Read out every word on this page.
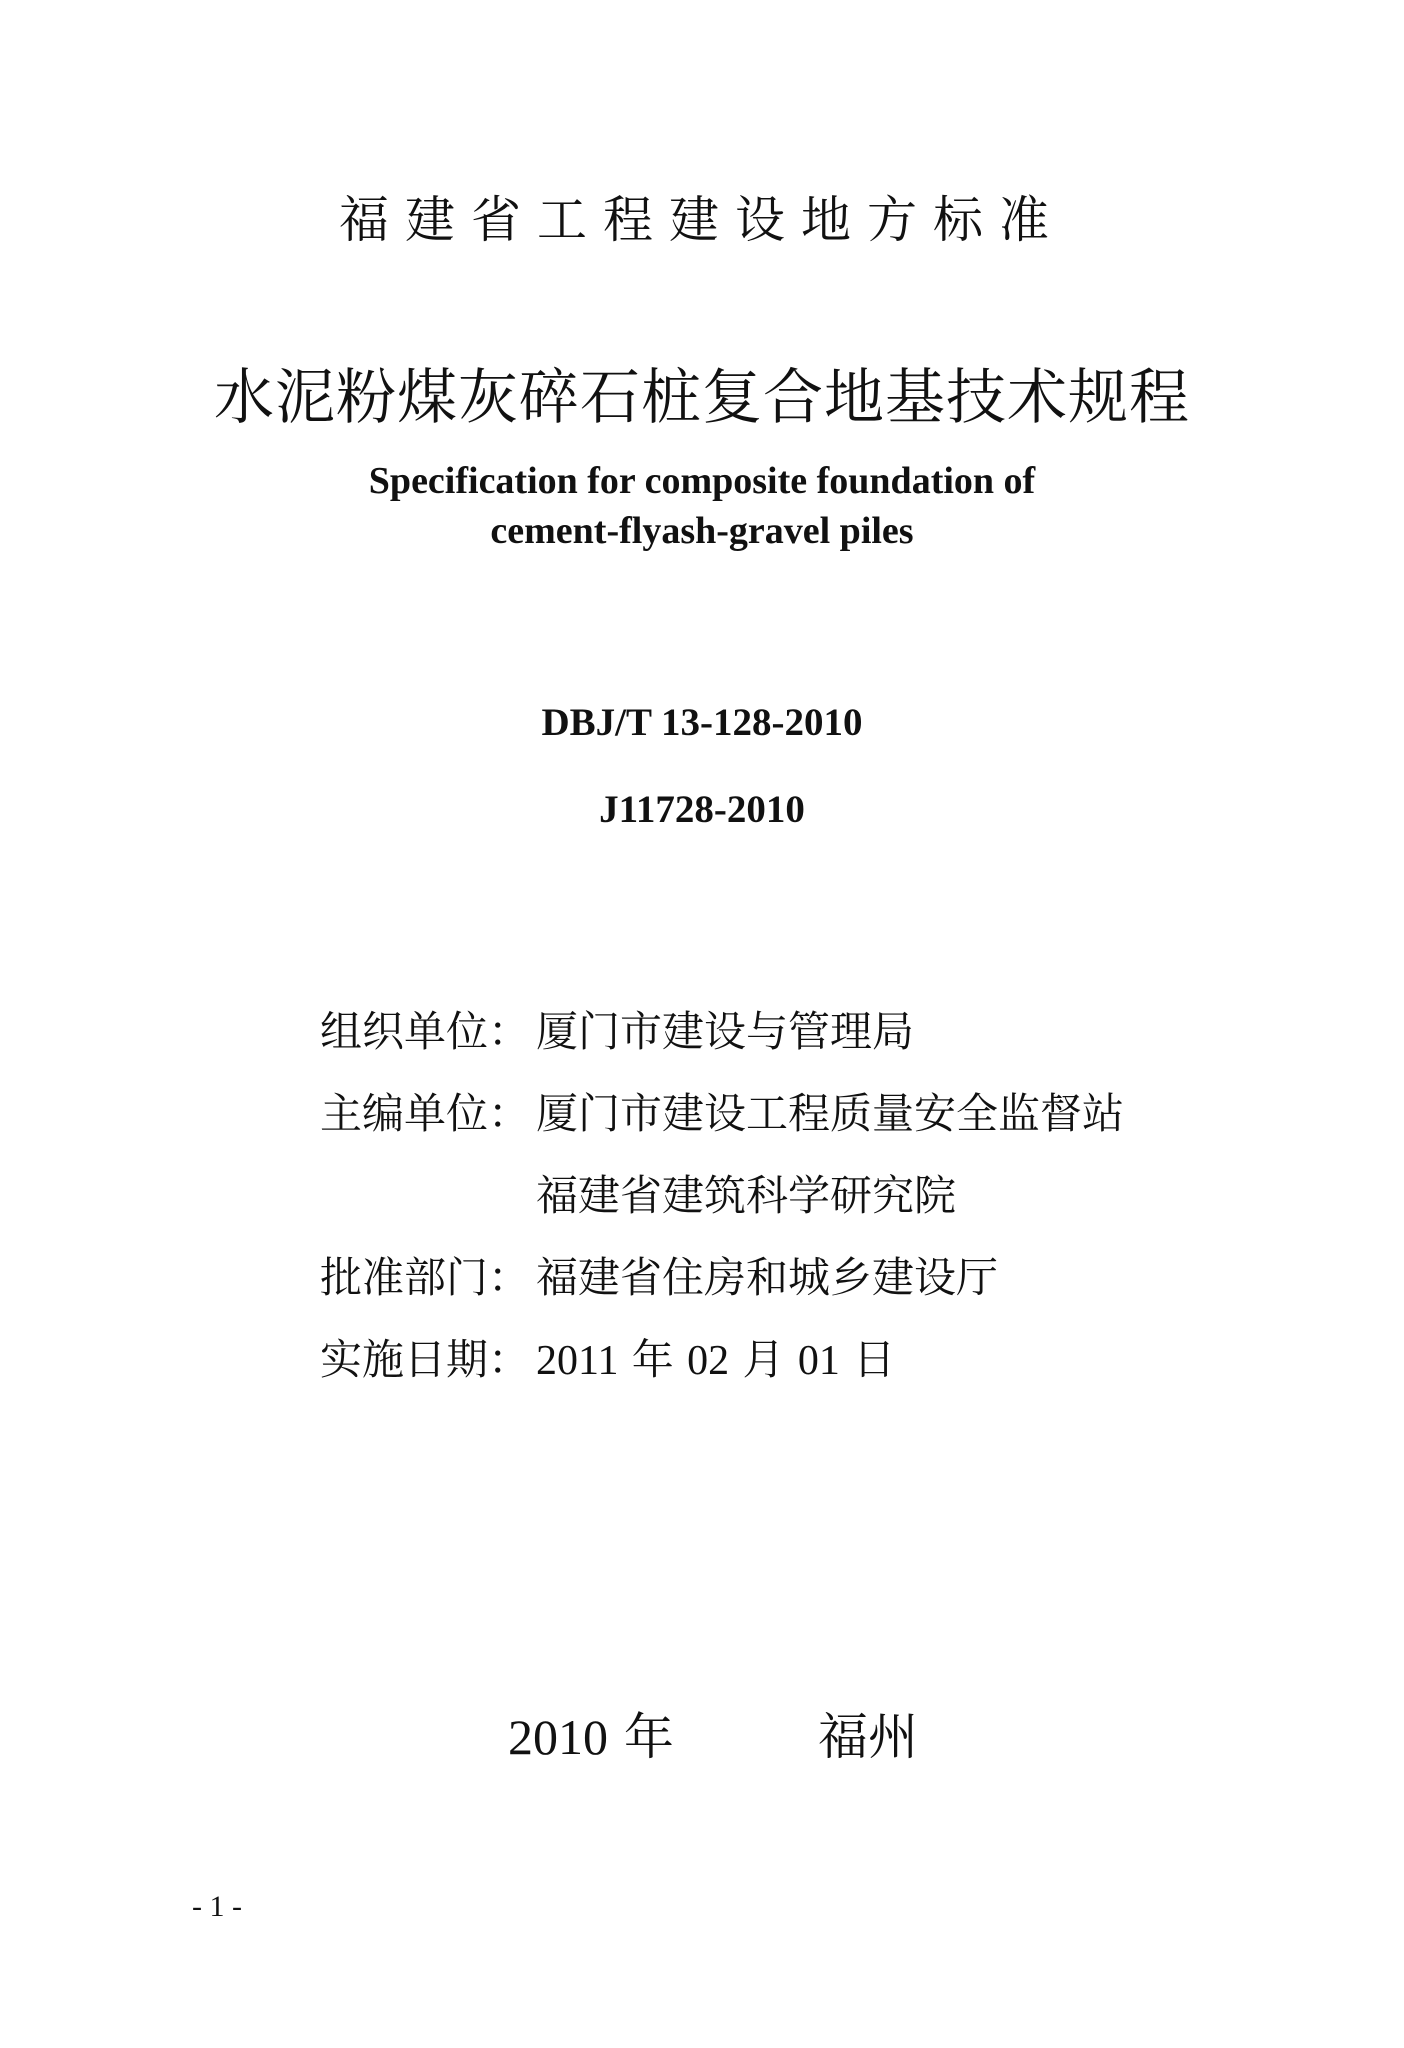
福建省工程建设地方标准
水泥粉煤灰碎石桩复合地基技术规程
Specification for composite foundation of
cement-flyash-gravel piles
DBJ/T 13-128-2010
J11728-2010
组织单位： 厦门市建设与管理局
主编单位： 厦门市建设工程质量安全监督站
福建省建筑科学研究院
批准部门： 福建省住房和城乡建设厅
实施日期： 2011 年 02 月 01 日
2010 年	福州
- 1 -
